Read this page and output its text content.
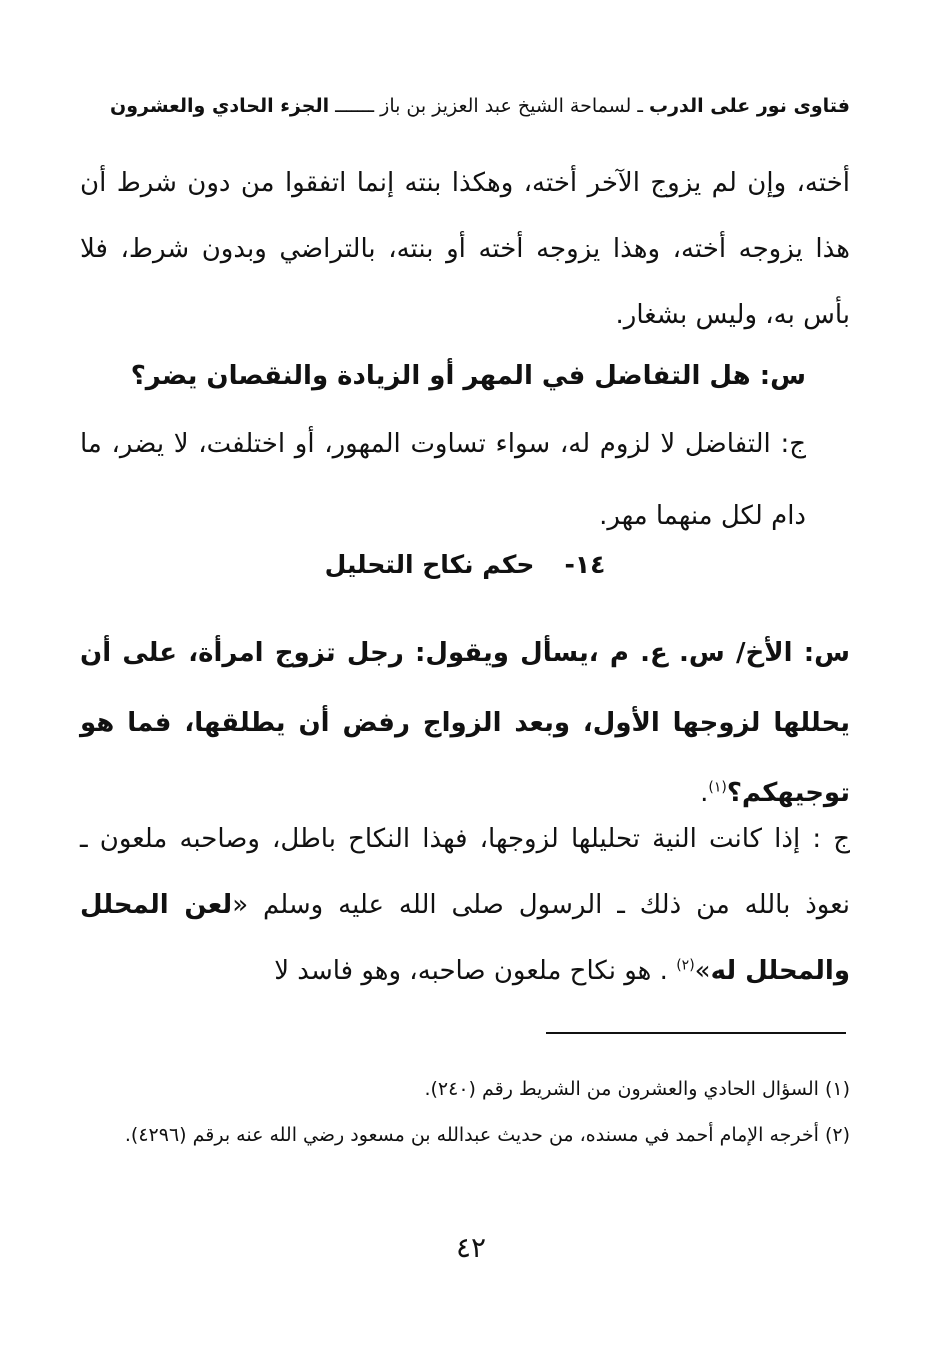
فتاوى نور على الدرب ـ لسماحة الشيخ عبد العزيز بن باز ـــــــ الجزء الحادي والعشرون

أخته، وإن لم يزوج الآخر أخته، وهكذا بنته إنما اتفقوا من دون شرط أن هذا يزوجه أخته، وهذا يزوجه أخته أو بنته، بالتراضي وبدون شرط، فلا بأس به، وليس بشغار.

س: هل التفاضل في المهر أو الزيادة والنقصان يضر؟

ج: التفاضل لا لزوم له، سواء تساوت المهور، أو اختلفت، لا يضر، ما دام لكل منهما مهر.

١٤-حكم نكاح التحليل
س: الأخ/ س. ع. م ،يسأل ويقول: رجل تزوج امرأة، على أن يحللها لزوجها الأول، وبعد الزواج رفض أن يطلقها، فما هو توجيهكم؟$^{(١)}$.
ج : إذا كانت النية تحليلها لزوجها، فهذا النكاح باطل، وصاحبه ملعون ـ نعوذ بالله من ذلك ـ الرسول صلى الله عليه وسلم «لعن المحلل والمحلل له»$^{(٢)}$ . هو نكاح ملعون صاحبه، وهو فاسد لا

(١) السؤال الحادي والعشرون من الشريط رقم (٢٤٠).

(٢) أخرجه الإمام أحمد في مسنده، من حديث عبدالله بن مسعود رضي الله عنه برقم (٤٢٩٦).

٤٢
